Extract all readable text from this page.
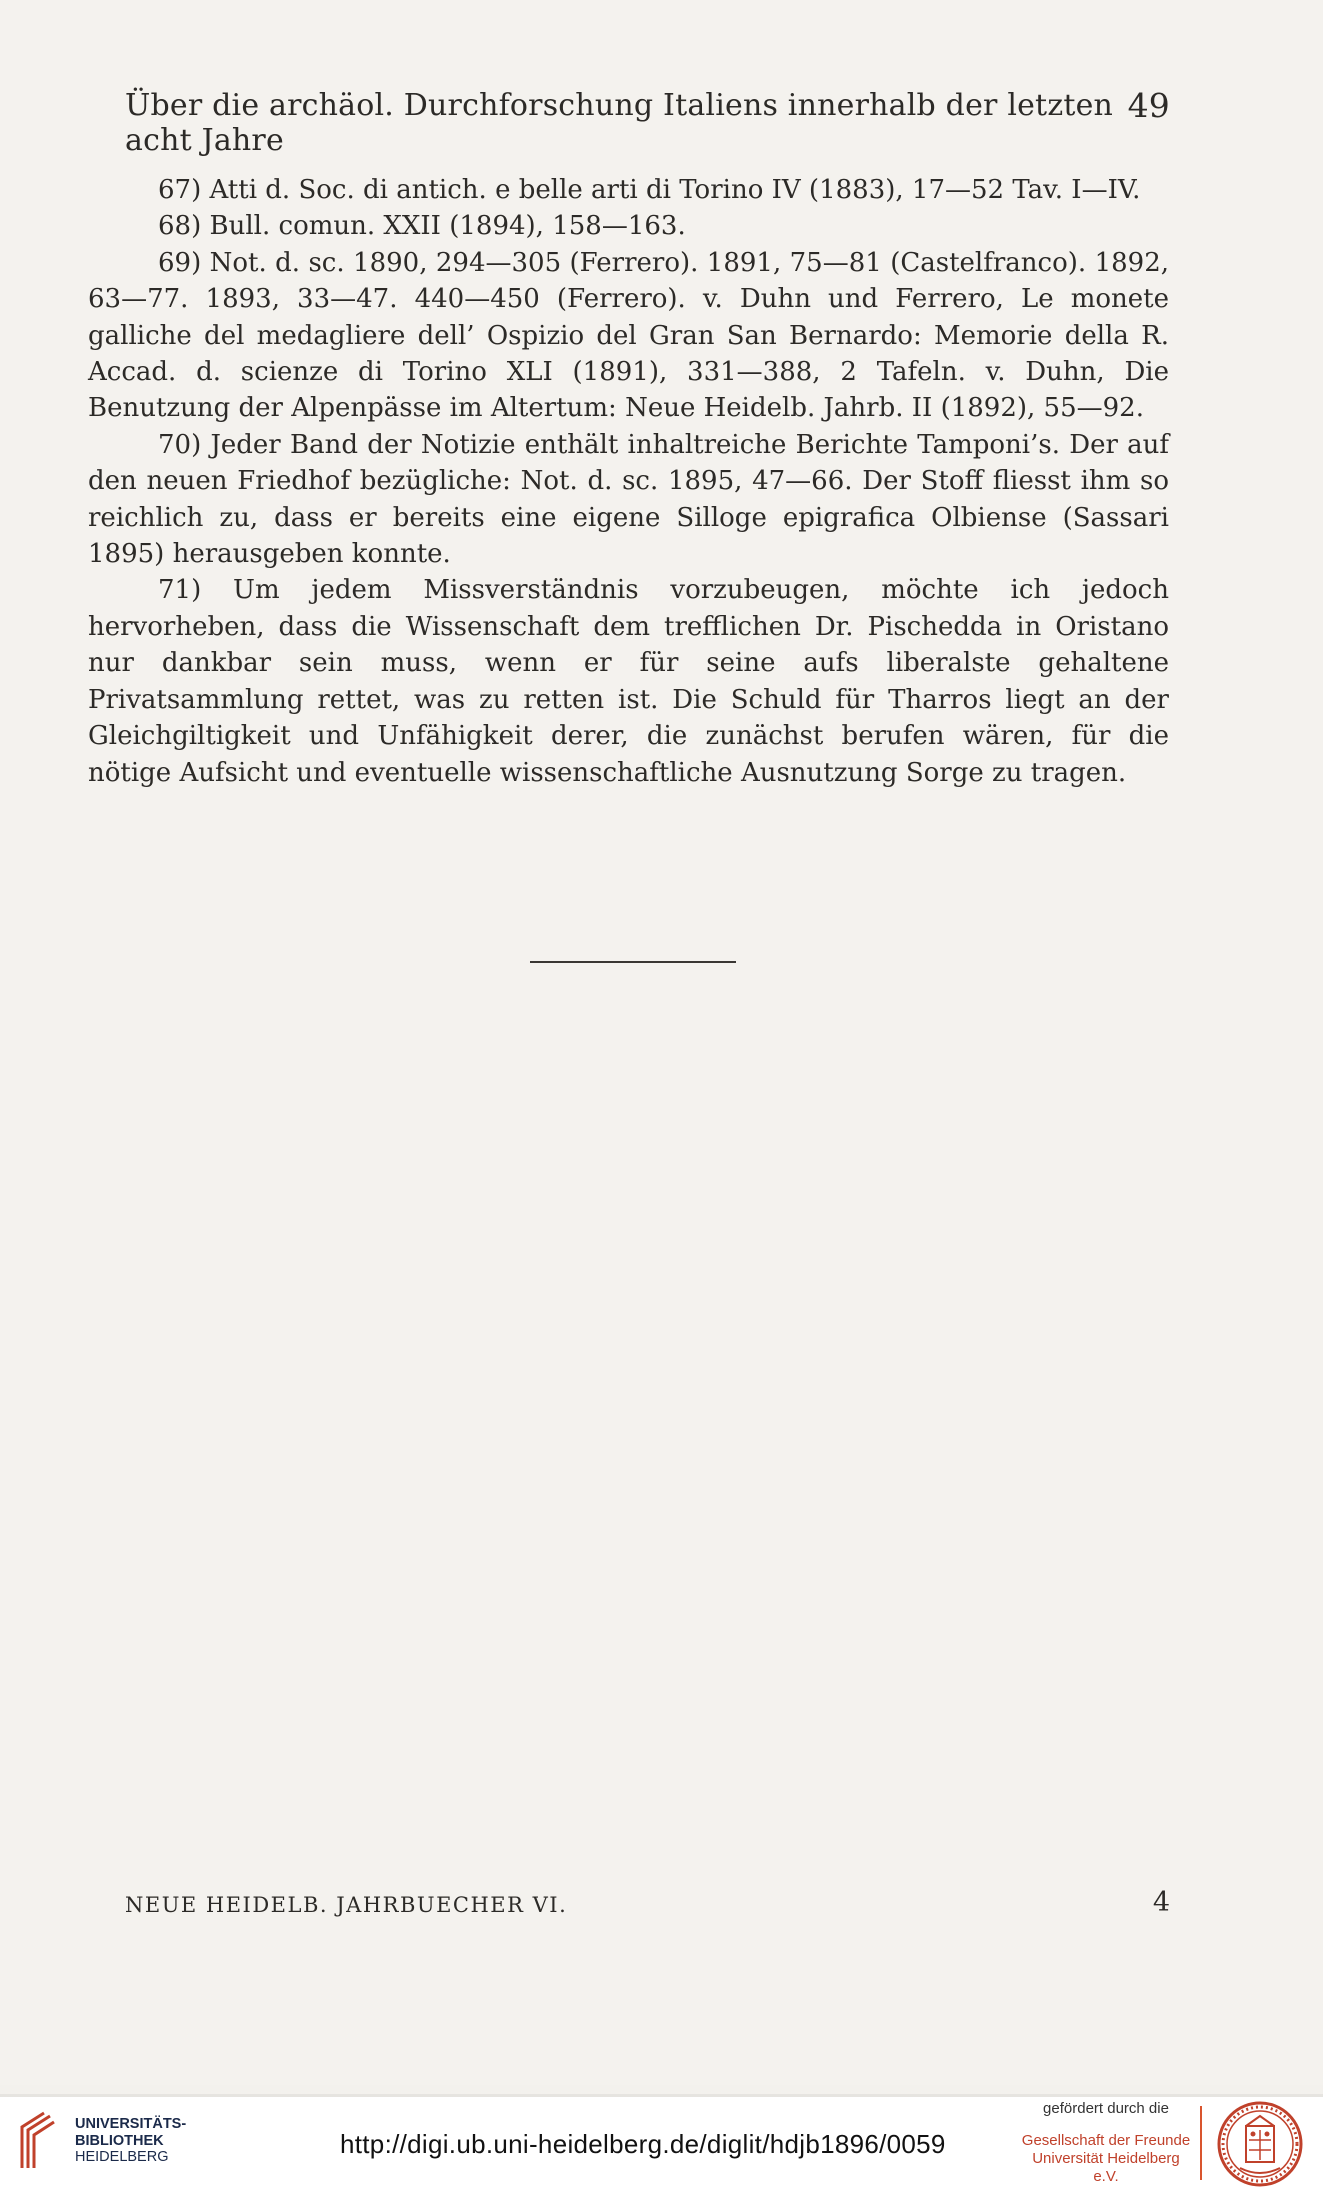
Über die archäol. Durchforschung Italiens innerhalb der letzten acht Jahre
49

67) Atti d. Soc. di antich. e belle arti di Torino IV (1883), 17—52 Tav. I—IV.

68) Bull. comun. XXII (1894), 158—163.

69) Not. d. sc. 1890, 294—305 (Ferrero). 1891, 75—81 (Castelfranco). 1892, 63—77. 1893, 33—47. 440—450 (Ferrero). v. Duhn und Ferrero, Le monete galliche del medagliere dell’ Ospizio del Gran San Bernardo: Memorie della R. Accad. d. scienze di Torino XLI (1891), 331—388, 2 Tafeln. v. Duhn, Die Benutzung der Alpenpässe im Altertum: Neue Heidelb. Jahrb. II (1892), 55—92.

70) Jeder Band der Notizie enthält inhaltreiche Berichte Tamponi’s. Der auf den neuen Friedhof bezügliche: Not. d. sc. 1895, 47—66. Der Stoff fliesst ihm so reichlich zu, dass er bereits eine eigene Silloge epigrafica Olbiense (Sassari 1895) herausgeben konnte.

71) Um jedem Missverständnis vorzubeugen, möchte ich jedoch hervorheben, dass die Wissenschaft dem trefflichen Dr. Pischedda in Oristano nur dankbar sein muss, wenn er für seine aufs liberalste gehaltene Privatsammlung rettet, was zu retten ist. Die Schuld für Tharros liegt an der Gleichgiltigkeit und Unfähigkeit derer, die zunächst berufen wären, für die nötige Aufsicht und eventuelle wissenschaftliche Ausnutzung Sorge zu tragen.

NEUE HEIDELB. JAHRBUECHER VI.	4
UNIVERSITÄTS-
BIBLIOTHEK
HEIDELBERG	http://digi.ub.uni-heidelberg.de/diglit/hdjb1896/0059
gefördert durch die
Gesellschaft der Freunde
Universität Heidelberg e.V.
